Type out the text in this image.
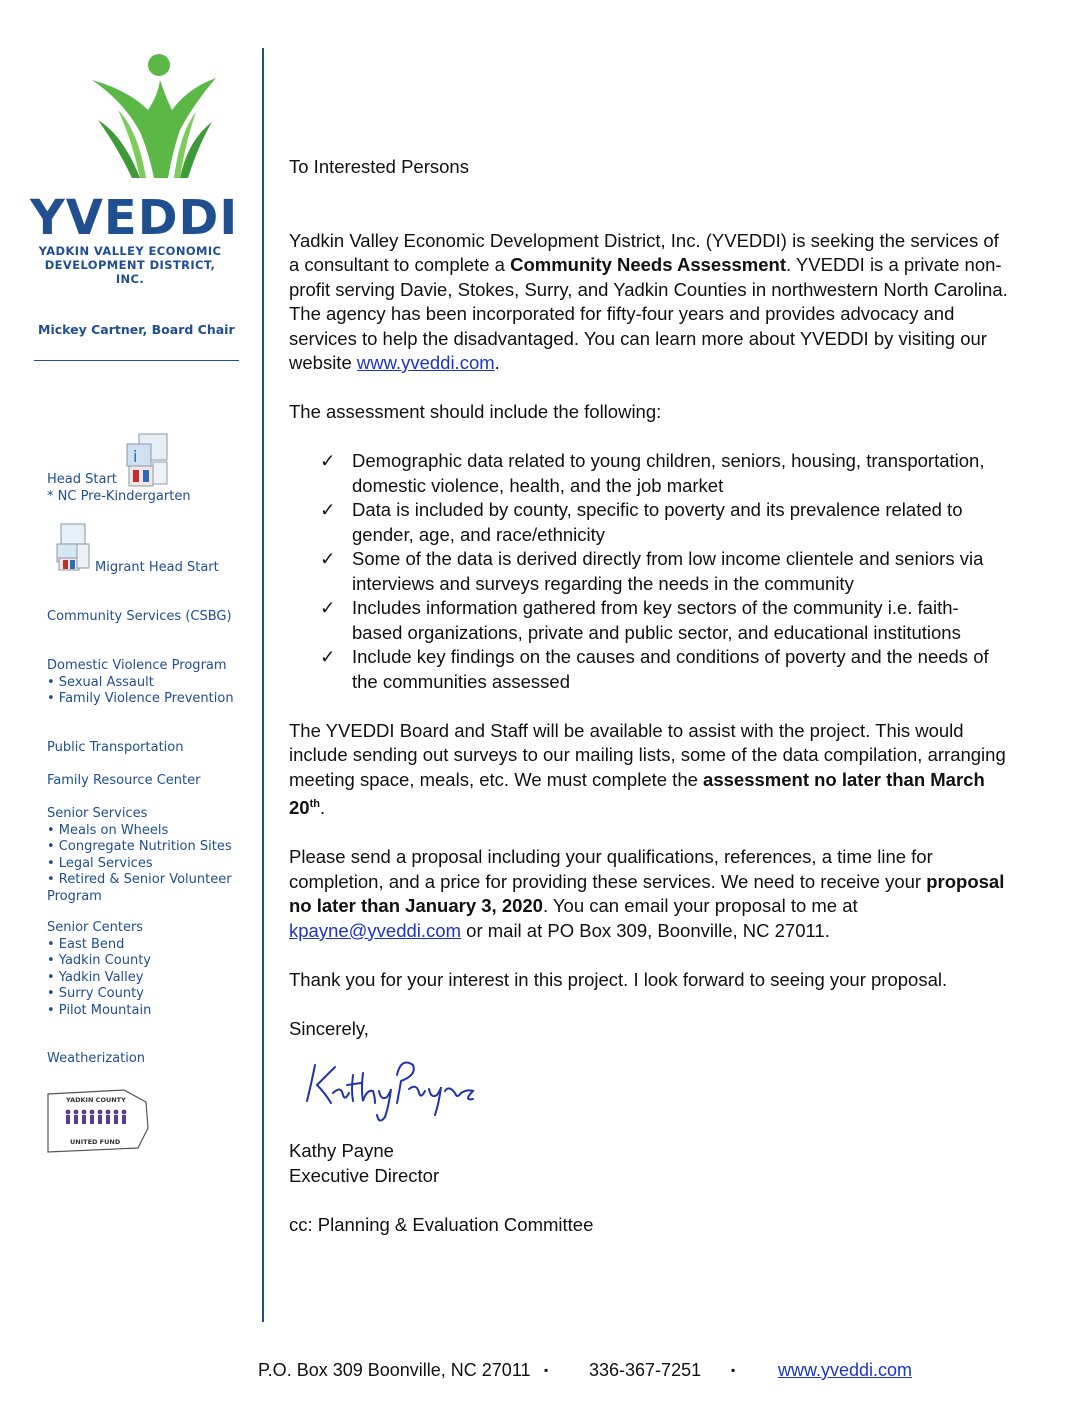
YVEDDI
YADKIN VALLEY ECONOMIC
DEVELOPMENT DISTRICT, INC.
Mickey Cartner, Board Chair
i
Head Start
* NC Pre-Kindergarten
Migrant Head Start
Community Services (CSBG)
Domestic Violence Program
• Sexual Assault
• Family Violence Prevention
Public Transportation
Family Resource Center
Senior Services
• Meals on Wheels
• Congregate Nutrition Sites
• Legal Services
• Retired & Senior Volunteer
Program
Senior Centers
• East Bend
• Yadkin County
• Yadkin Valley
• Surry County
• Pilot Mountain
Weatherization
YADKIN COUNTY
UNITED FUND

To Interested Persons

Yadkin Valley Economic Development District, Inc. (YVEDDI) is seeking the services of a consultant to complete a Community Needs Assessment. YVEDDI is a private non-profit serving Davie, Stokes, Surry, and Yadkin Counties in northwestern North Carolina. The agency has been incorporated for fifty-four years and provides advocacy and services to help the disadvantaged. You can learn more about YVEDDI by visiting our website www.yveddi.com.

The assessment should include the following:

✓ Demographic data related to young children, seniors, housing, transportation, domestic violence, health, and the job market
✓ Data is included by county, specific to poverty and its prevalence related to gender, age, and race/ethnicity
✓ Some of the data is derived directly from low income clientele and seniors via interviews and surveys regarding the needs in the community
✓ Includes information gathered from key sectors of the community i.e. faith-based organizations, private and public sector, and educational institutions
✓ Include key findings on the causes and conditions of poverty and the needs of the communities assessed

The YVEDDI Board and Staff will be available to assist with the project. This would include sending out surveys to our mailing lists, some of the data compilation, arranging meeting space, meals, etc. We must complete the assessment no later than March 20th.

Please send a proposal including your qualifications, references, a time line for completion, and a price for providing these services. We need to receive your proposal no later than January 3, 2020. You can email your proposal to me at kpayne@yveddi.com or mail at PO Box 309, Boonville, NC 27011.

Thank you for your interest in this project. I look forward to seeing your proposal.

Sincerely,

Kathy Payne

Executive Director

cc: Planning & Evaluation Committee

P.O. Box 309 Boonville, NC 27011 ▪ 336-367-7251 ▪ www.yveddi.com
